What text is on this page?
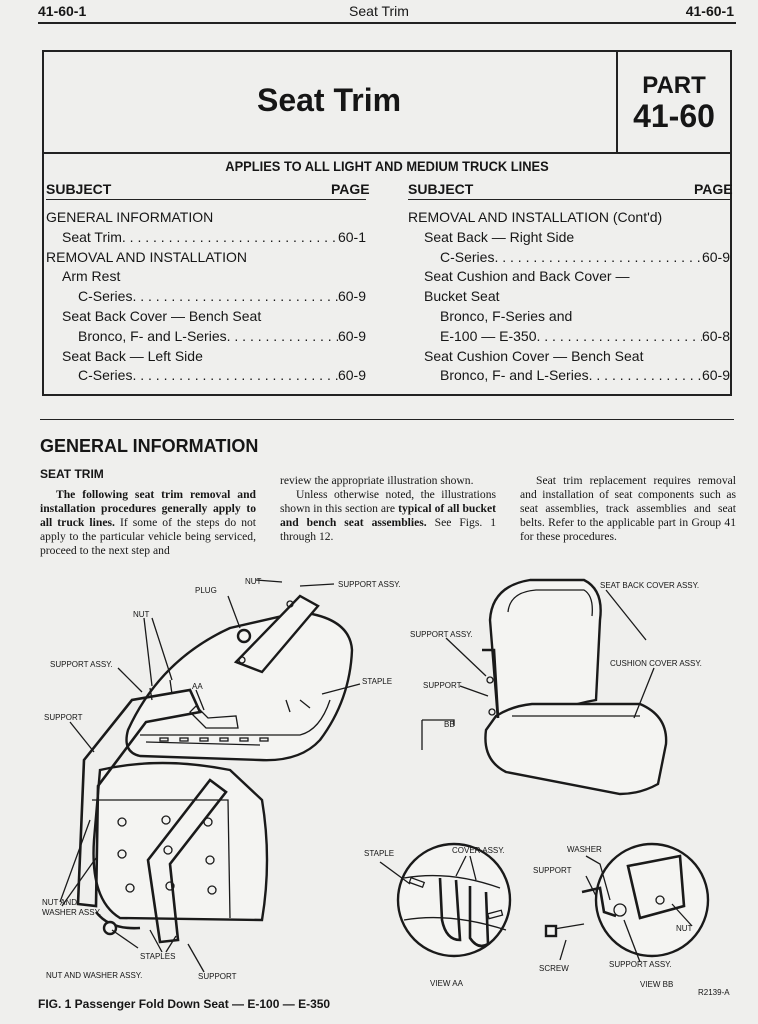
41-60-1	Seat Trim	41-60-1
Seat Trim	PART
41-60
APPLIES TO ALL LIGHT AND MEDIUM TRUCK LINES
SUBJECT	PAGE	SUBJECT	PAGE
GENERAL INFORMATION
Seat Trim . . .	60-1
REMOVAL AND INSTALLATION
Arm Rest
C-Series . . .	60-9
Seat Back Cover — Bench Seat
Bronco, F- and L-Series . . .	60-9
Seat Back — Left Side
C-Series . . .	60-9
REMOVAL AND INSTALLATION (Cont'd)
Seat Back — Right Side
C-Series . . .	60-9
Seat Cushion and Back Cover —
Bucket Seat
Bronco, F-Series and
E-100 — E-350 . . .	60-8
Seat Cushion Cover — Bench Seat
Bronco, F- and L-Series . . .	60-9
GENERAL INFORMATION
SEAT TRIM
The following seat trim removal and installation procedures generally apply to all truck lines. If some of the steps do not apply to the particular vehicle being serviced, proceed to the next step and
review the appropriate illustration shown.
Unless otherwise noted, the illustrations shown in this section are typical of all bucket and bench seat assemblies. See Figs. 1 through 12.
Seat trim replacement requires removal and installation of seat components such as seat assemblies, track assemblies and seat belts. Refer to the applicable part in Group 41 for these procedures.
NUT	SUPPORT ASSY.
PLUG
NUT
SUPPORT ASSY.
AA
STAPLE
SUPPORT
NUT AND
WASHER ASSY.
STAPLES
NUT AND WASHER ASSY.	SUPPORT
SEAT BACK COVER ASSY.
SUPPORT ASSY.
CUSHION COVER ASSY.
SUPPORT
BB
STAPLE	COVER ASSY.	WASHER
SUPPORT
NUT
SCREW	SUPPORT ASSY.
VIEW AA	VIEW BB
R2139-A
FIG. 1 Passenger Fold Down Seat — E-100 — E-350
